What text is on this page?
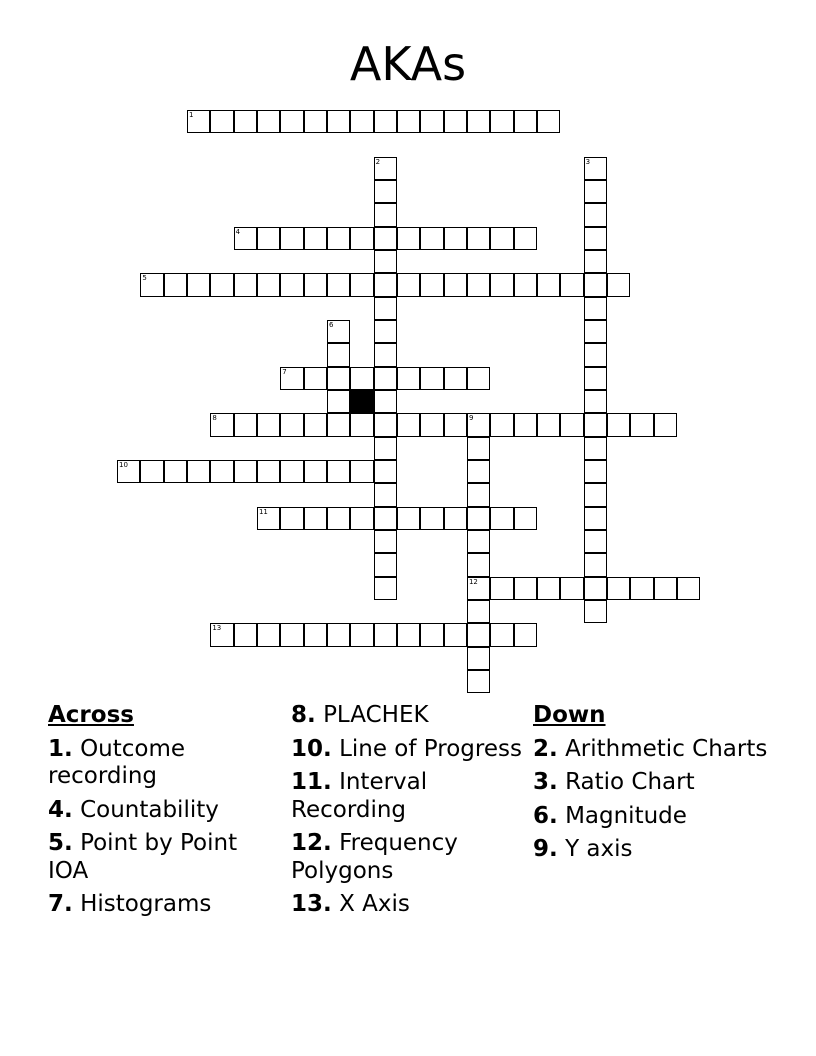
AKAs
1
2	3
4
5
6
7
8	9
12
10
11
13
Across
1. Outcome recording
4. Countability
5. Point by Point IOA
7. Histograms
8. PLACHEK
10. Line of Progress
11. Interval Recording
12. Frequency Polygons
13. X Axis
Down
2. Arithmetic Charts
3. Ratio Chart
6. Magnitude
9. Y axis
